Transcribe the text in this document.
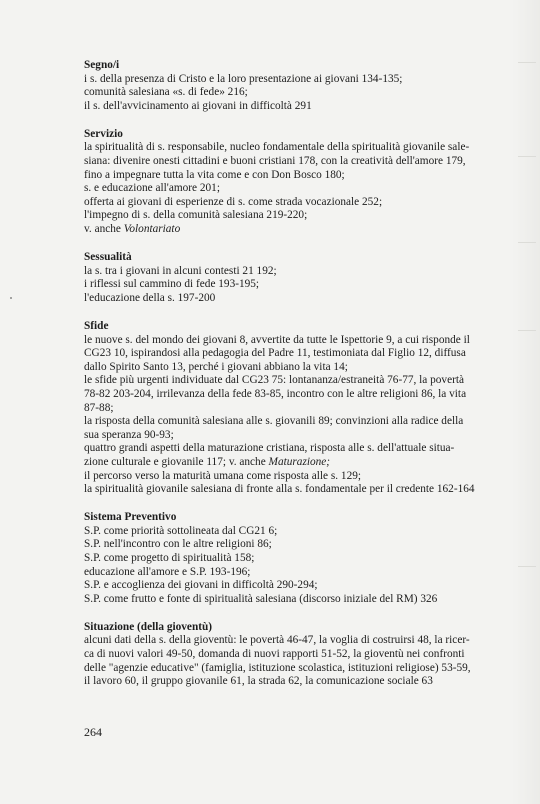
Segno/i

i s. della presenza di Cristo e la loro presentazione ai giovani 134-135;

comunità salesiana «s. di fede» 216;

il s. dell'avvicinamento ai giovani in difficoltà 291

Servizio

la spiritualità di s. responsabile, nucleo fondamentale della spiritualità giovanile sale-

siana: divenire onesti cittadini e buoni cristiani 178, con la creatività dell'amore 179,

fino a impegnare tutta la vita come e con Don Bosco 180;

s. e educazione all'amore 201;

offerta ai giovani di esperienze di s. come strada vocazionale 252;

l'impegno di s. della comunità salesiana 219-220;

v. anche Volontariato

Sessualità

la s. tra i giovani in alcuni contesti 21 192;

i riflessi sul cammino di fede 193-195;

l'educazione della s. 197-200

Sfide

le nuove s. del mondo dei giovani 8, avvertite da tutte le Ispettorie 9, a cui risponde il

CG23 10, ispirandosi alla pedagogia del Padre 11, testimoniata dal Figlio 12, diffusa

dallo Spirito Santo 13, perché i giovani abbiano la vita 14;

le sfide più urgenti individuate dal CG23 75: lontananza/estraneità 76-77, la povertà

78-82 203-204, irrilevanza della fede 83-85, incontro con le altre religioni 86, la vita

87-88;

la risposta della comunità salesiana alle s. giovanili 89; convinzioni alla radice della

sua speranza 90-93;

quattro grandi aspetti della maturazione cristiana, risposta alle s. dell'attuale situa-

zione culturale e giovanile 117; v. anche Maturazione;

il percorso verso la maturità umana come risposta alle s. 129;

la spiritualità giovanile salesiana di fronte alla s. fondamentale per il credente 162-164

Sistema Preventivo

S.P. come priorità sottolineata dal CG21 6;

S.P. nell'incontro con le altre religioni 86;

S.P. come progetto di spiritualità 158;

educazione all'amore e S.P. 193-196;

S.P. e accoglienza dei giovani in difficoltà 290-294;

S.P. come frutto e fonte di spiritualità salesiana (discorso iniziale del RM) 326

Situazione (della gioventù)

alcuni dati della s. della gioventù: le povertà 46-47, la voglia di costruirsi 48, la ricer-

ca di nuovi valori 49-50, domanda di nuovi rapporti 51-52, la gioventù nei confronti

delle "agenzie educative" (famiglia, istituzione scolastica, istituzioni religiose) 53-59,

il lavoro 60, il gruppo giovanile 61, la strada 62, la comunicazione sociale 63

264
